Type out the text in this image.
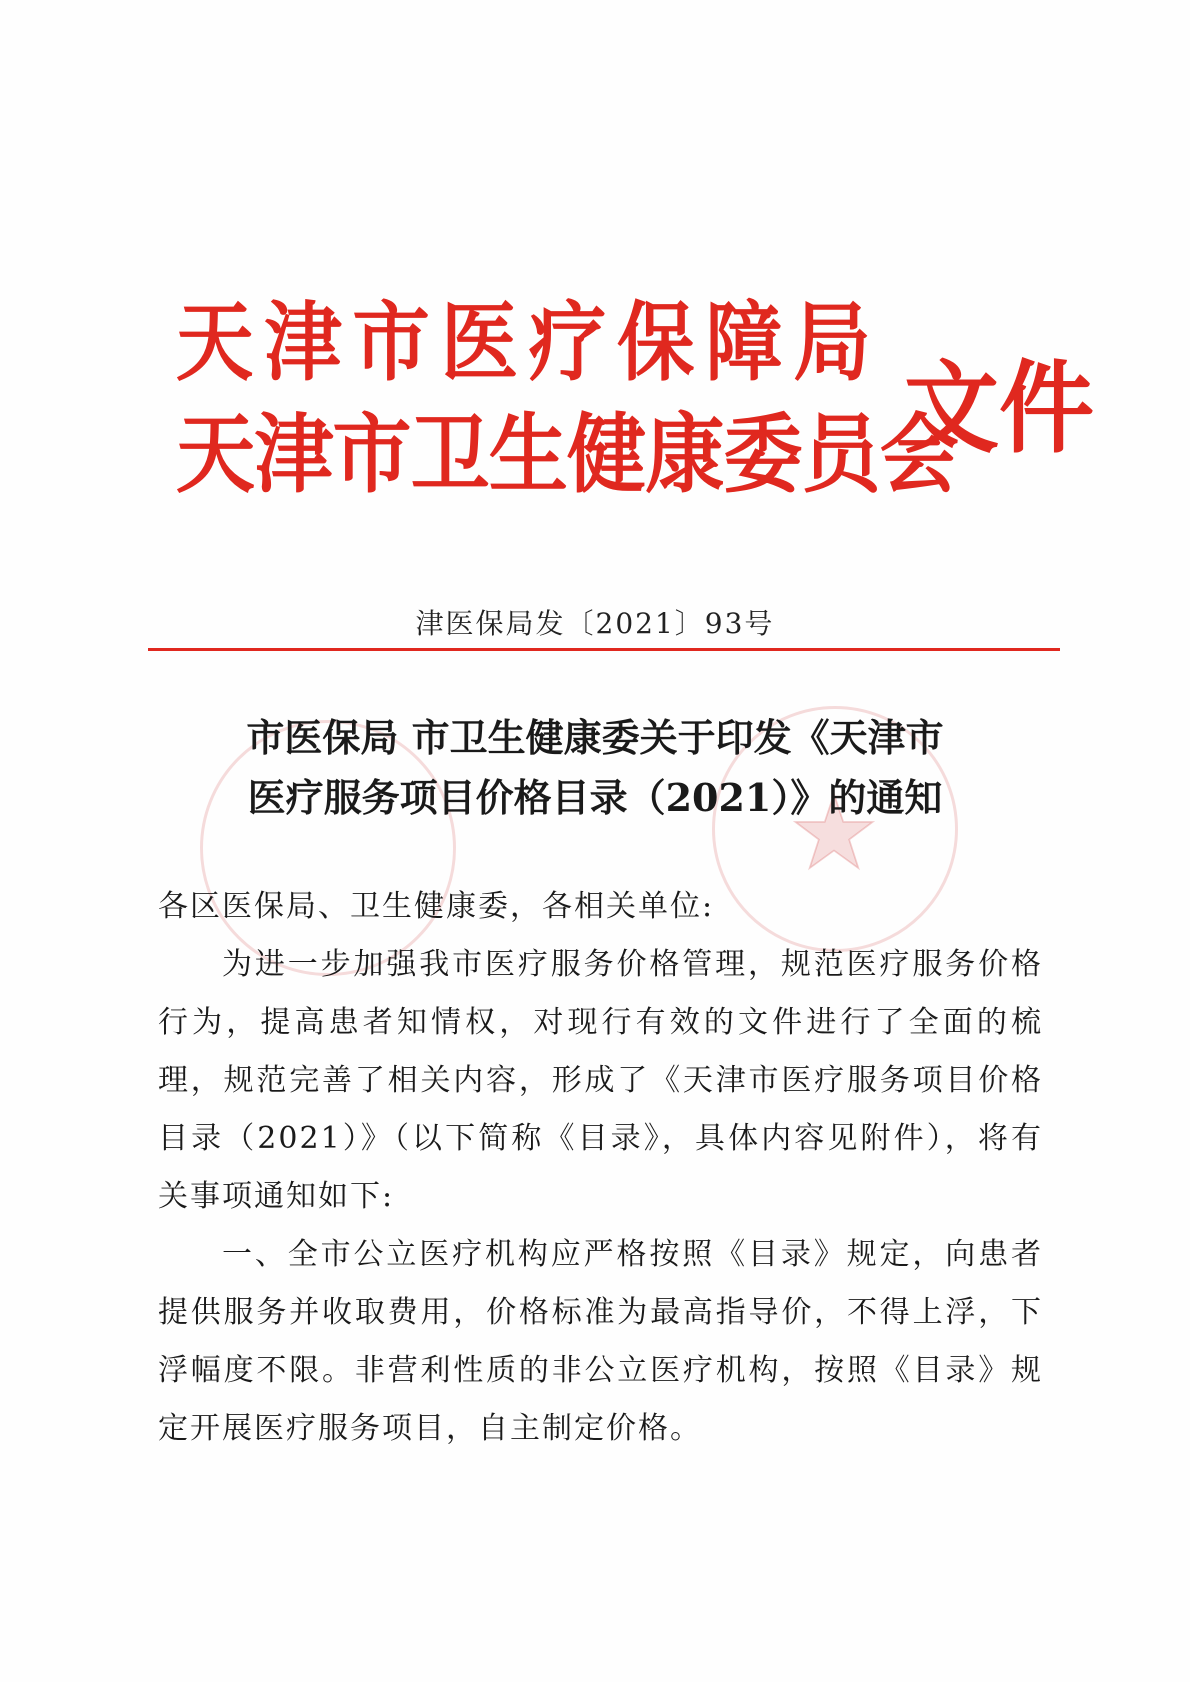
天津市医疗保障局
天津市卫生健康委员会
文件
津医保局发〔2021〕93号
市医保局 市卫生健康委关于印发《天津市
医疗服务项目价格目录（2021）》的通知

各区医保局、卫生健康委，各相关单位:

为进一步加强我市医疗服务价格管理，规范医疗服务价格行为，提高患者知情权，对现行有效的文件进行了全面的梳理，规范完善了相关内容，形成了《天津市医疗服务项目价格目录（2021）》（以下简称《目录》，具体内容见附件），将有关事项通知如下:

一、全市公立医疗机构应严格按照《目录》规定，向患者提供服务并收取费用，价格标准为最高指导价，不得上浮，下浮幅度不限。非营利性质的非公立医疗机构，按照《目录》规定开展医疗服务项目，自主制定价格。
